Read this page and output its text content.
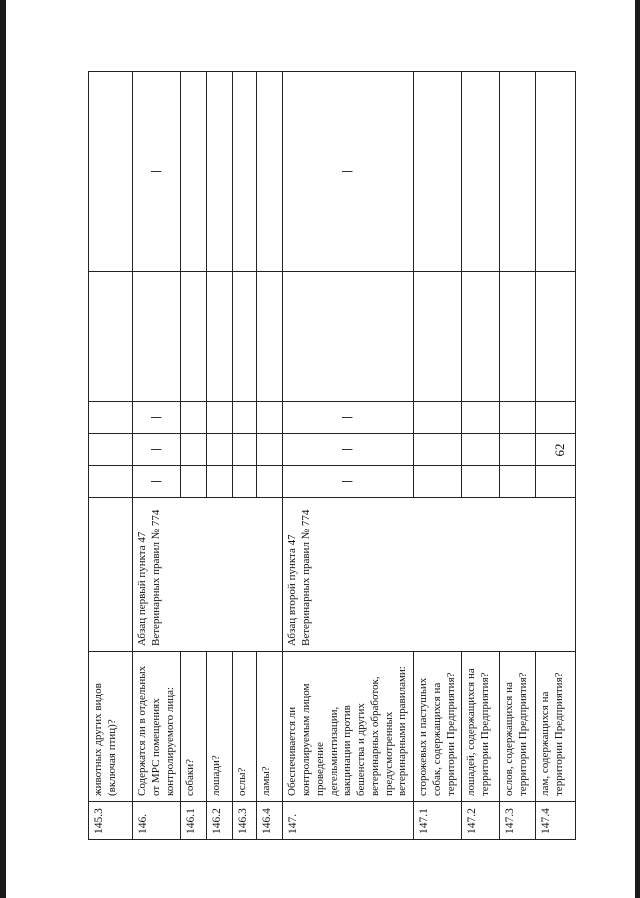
62
145.3	животных других видов (включая птиц)?						
146.	Содержатся ли в отдельных от МРС помещениях контролируемого лица:	Абзац первый пункта 47 Ветеринарных правил № 774	|	|	|		|
146.1	собаки?						
146.2	лошади?						
146.3	ослы?						
146.4	ламы?						
147.	Обеспечивается ли контролируемым лицом проведение дегельминтизации, вакцинации против бешенства и других ветеринарных обработок, предусмотренных ветеринарными правилами:	Абзац второй пункта 47 Ветеринарных правил № 774	|	|	|		|
147.1	сторожевых и пастушьих собак, содержащихся на территории Предприятия?						
147.2	лошадей, содержащихся на территории Предприятия?						
147.3	ослов, содержащихся на территории Предприятия?						
147.4	лам, содержащихся на территории Предприятия?						
